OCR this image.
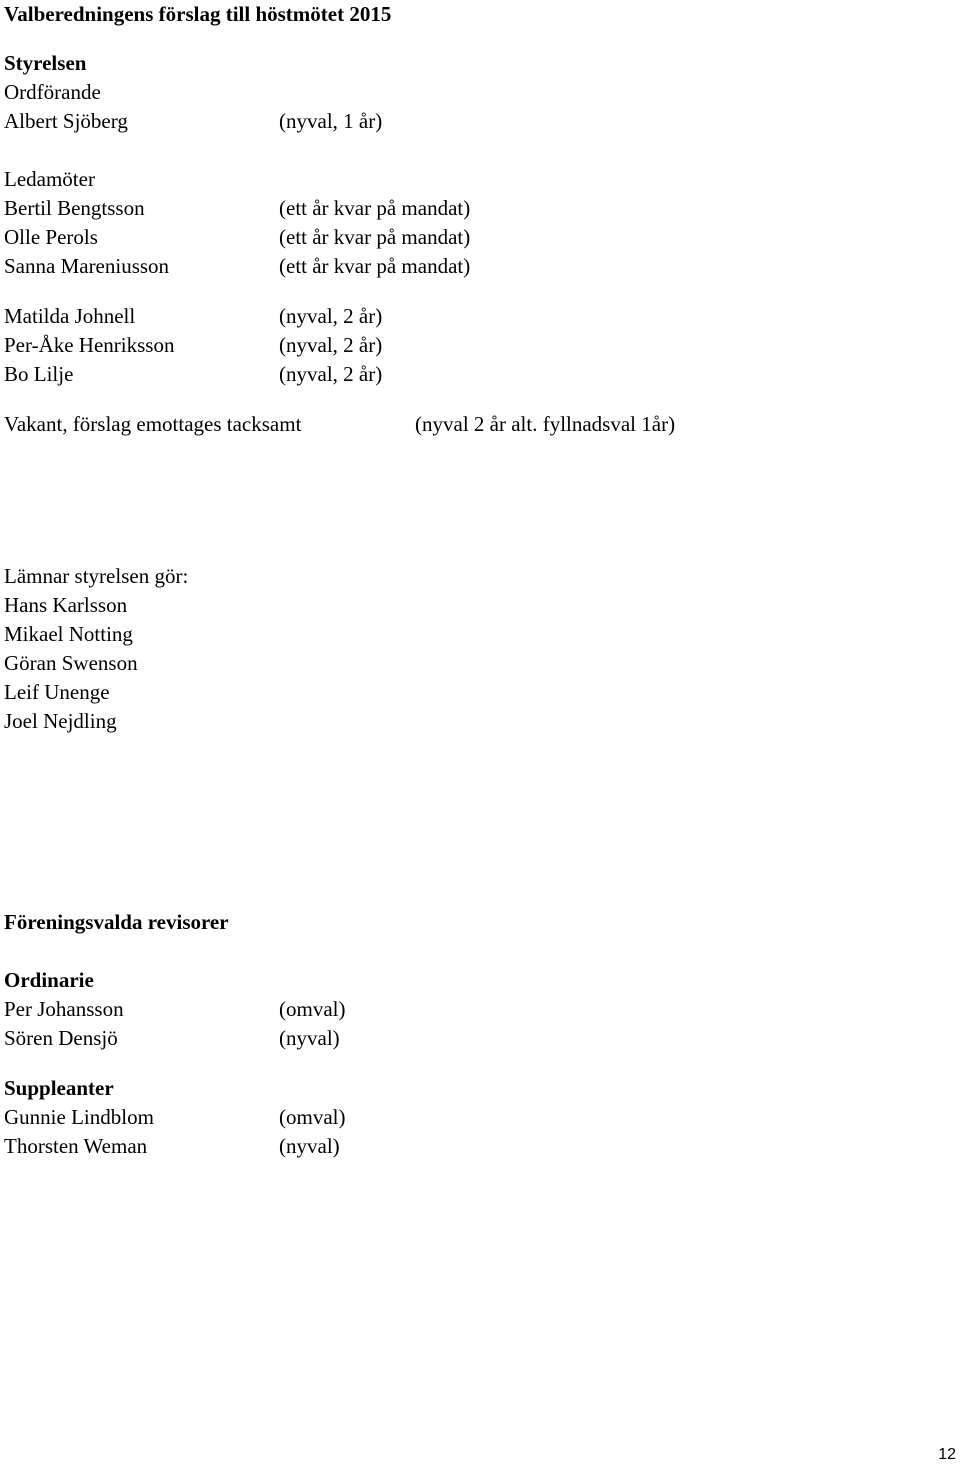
Valberedningens förslag till höstmötet 2015
Styrelsen
Ordförande
Albert Sjöberg	(nyval, 1 år)
Ledamöter
Bertil Bengtsson	(ett år kvar på mandat)
Olle Perols	(ett år kvar på mandat)
Sanna Mareniusson	(ett år kvar på mandat)
Matilda Johnell	(nyval, 2 år)
Per-Åke Henriksson	(nyval, 2 år)
Bo Lilje	(nyval, 2 år)
Vakant, förslag emottages tacksamt	(nyval 2 år alt. fyllnadsval 1år)
Lämnar styrelsen gör:
Hans Karlsson
Mikael Notting
Göran Swenson
Leif Unenge
Joel Nejdling
Föreningsvalda revisorer
Ordinarie
Per Johansson	(omval)
Sören Densjö	(nyval)
Suppleanter
Gunnie Lindblom	(omval)
Thorsten Weman	(nyval)
12
